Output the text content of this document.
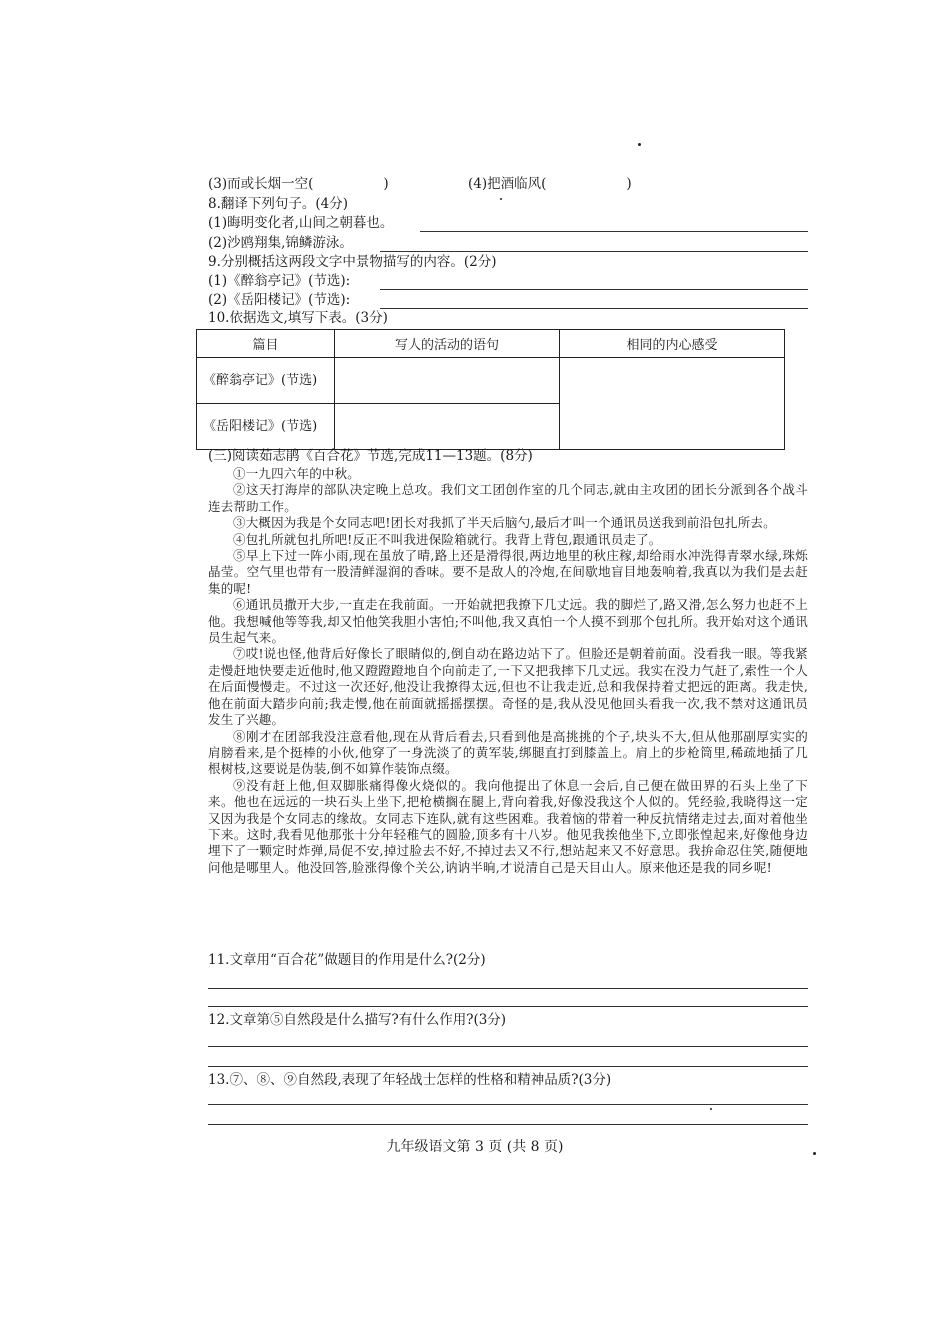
(3)而或长烟一空(	)	(4)把酒临风(	)
8.翻译下列句子。(4分)
(1)晦明变化者,山间之朝暮也。
(2)沙鸥翔集,锦鳞游泳。
9.分别概括这两段文字中景物描写的内容。(2分)
(1)《醉翁亭记》(节选):
(2)《岳阳楼记》(节选):
10.依据选文,填写下表。(3分)
篇目	写人的活动的语句	相同的内心感受
《醉翁亭记》(节选)		
《岳阳楼记》(节选)		
(三)阅读茹志鹃《百合花》节选,完成11—13题。(8分)

①一九四六年的中秋。

②这天打海岸的部队决定晚上总攻。我们文工团创作室的几个同志,就由主攻团的团长分派到各个战斗连去帮助工作。

③大概因为我是个女同志吧!团长对我抓了半天后脑勺,最后才叫一个通讯员送我到前沿包扎所去。

④包扎所就包扎所吧!反正不叫我进保险箱就行。我背上背包,跟通讯员走了。

⑤早上下过一阵小雨,现在虽放了晴,路上还是滑得很,两边地里的秋庄稼,却给雨水冲洗得青翠水绿,珠烁晶莹。空气里也带有一股清鲜湿润的香味。要不是敌人的冷炮,在间歇地盲目地轰响着,我真以为我们是去赶集的呢!

⑥通讯员撒开大步,一直走在我前面。一开始就把我撩下几丈远。我的脚烂了,路又滑,怎么努力也赶不上他。我想喊他等等我,却又怕他笑我胆小害怕;不叫他,我又真怕一个人摸不到那个包扎所。我开始对这个通讯员生起气来。

⑦哎!说也怪,他背后好像长了眼睛似的,倒自动在路边站下了。但脸还是朝着前面。没看我一眼。等我紧走慢赶地快要走近他时,他又蹬蹬蹬地自个向前走了,一下又把我摔下几丈远。我实在没力气赶了,索性一个人在后面慢慢走。不过这一次还好,他没让我撩得太远,但也不让我走近,总和我保持着丈把远的距离。我走快,他在前面大踏步向前;我走慢,他在前面就摇摇摆摆。奇怪的是,我从没见他回头看我一次,我不禁对这通讯员发生了兴趣。

⑧刚才在团部我没注意看他,现在从背后看去,只看到他是高挑挑的个子,块头不大,但从他那副厚实实的肩膀看来,是个挺棒的小伙,他穿了一身洗淡了的黄军装,绑腿直打到膝盖上。肩上的步枪筒里,稀疏地插了几根树枝,这要说是伪装,倒不如算作装饰点缀。

⑨没有赶上他,但双脚胀痛得像火烧似的。我向他提出了休息一会后,自己便在做田界的石头上坐了下来。他也在远远的一块石头上坐下,把枪横搁在腿上,背向着我,好像没我这个人似的。凭经验,我晓得这一定又因为我是个女同志的缘故。女同志下连队,就有这些困难。我着恼的带着一种反抗情绪走过去,面对着他坐下来。这时,我看见他那张十分年轻稚气的圆脸,顶多有十八岁。他见我挨他坐下,立即张惶起来,好像他身边埋下了一颗定时炸弹,局促不安,掉过脸去不好,不掉过去又不行,想站起来又不好意思。我拚命忍住笑,随便地问他是哪里人。他没回答,脸涨得像个关公,讷讷半晌,才说清自己是天目山人。原来他还是我的同乡呢!

11.文章用“百合花”做题目的作用是什么?(2分)
12.文章第⑤自然段是什么描写?有什么作用?(3分)
13.⑦、⑧、⑨自然段,表现了年轻战士怎样的性格和精神品质?(3分)
九年级语文第 3 页 (共 8 页)
